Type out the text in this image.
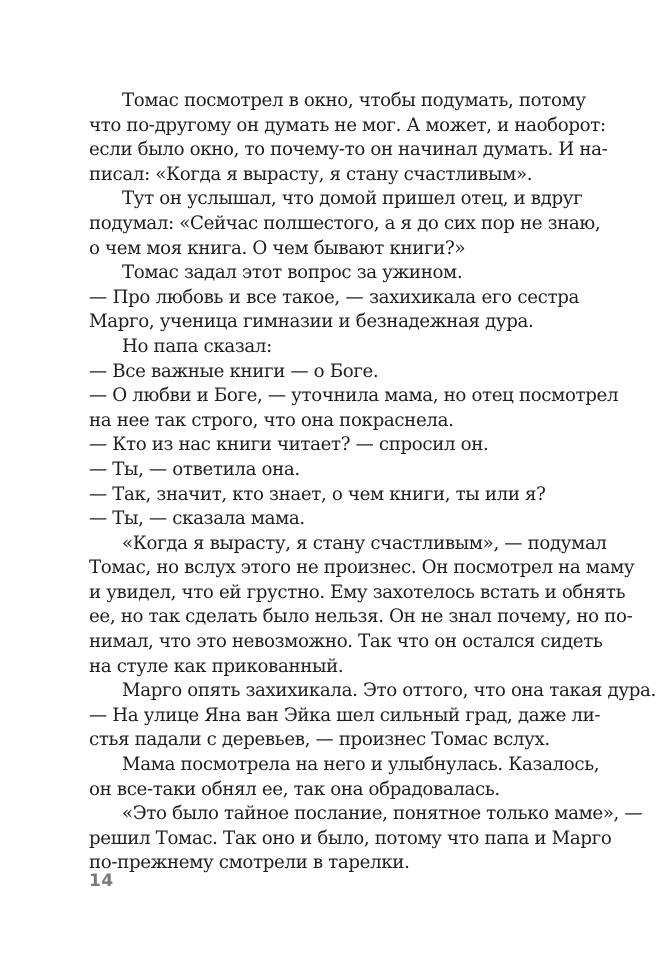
Томас посмотрел в окно, чтобы подумать, потому
что по-другому он думать не мог. А может, и наоборот:
если было окно, то почему-то он начинал думать. И на-
писал: «Когда я вырасту, я стану счастливым».
Тут он услышал, что домой пришел отец, и вдруг
подумал: «Сейчас полшестого, а я до сих пор не знаю,
о чем моя книга. О чем бывают книги?»
Томас задал этот вопрос за ужином.
— Про любовь и все такое, — захихикала его сестра
Марго, ученица гимназии и безнадежная дура.
Но папа сказал:
— Все важные книги — о Боге.
— О любви и Боге, — уточнила мама, но отец посмотрел
на нее так строго, что она покраснела.
— Кто из нас книги читает? — спросил он.
— Ты, — ответила она.
— Так, значит, кто знает, о чем книги, ты или я?
— Ты, — сказала мама.
«Когда я вырасту, я стану счастливым», — подумал
Томас, но вслух этого не произнес. Он посмотрел на маму
и увидел, что ей грустно. Ему захотелось встать и обнять
ее, но так сделать было нельзя. Он не знал почему, но по-
нимал, что это невозможно. Так что он остался сидеть
на стуле как прикованный.
Марго опять захихикала. Это оттого, что она такая дура.
— На улице Яна ван Эйка шел сильный град, даже ли-
стья падали с деревьев, — произнес Томас вслух.
Мама посмотрела на него и улыбнулась. Казалось,
он все-таки обнял ее, так она обрадовалась.
«Это было тайное послание, понятное только маме», —
решил Томас. Так оно и было, потому что папа и Марго
по-прежнему смотрели в тарелки.
14
